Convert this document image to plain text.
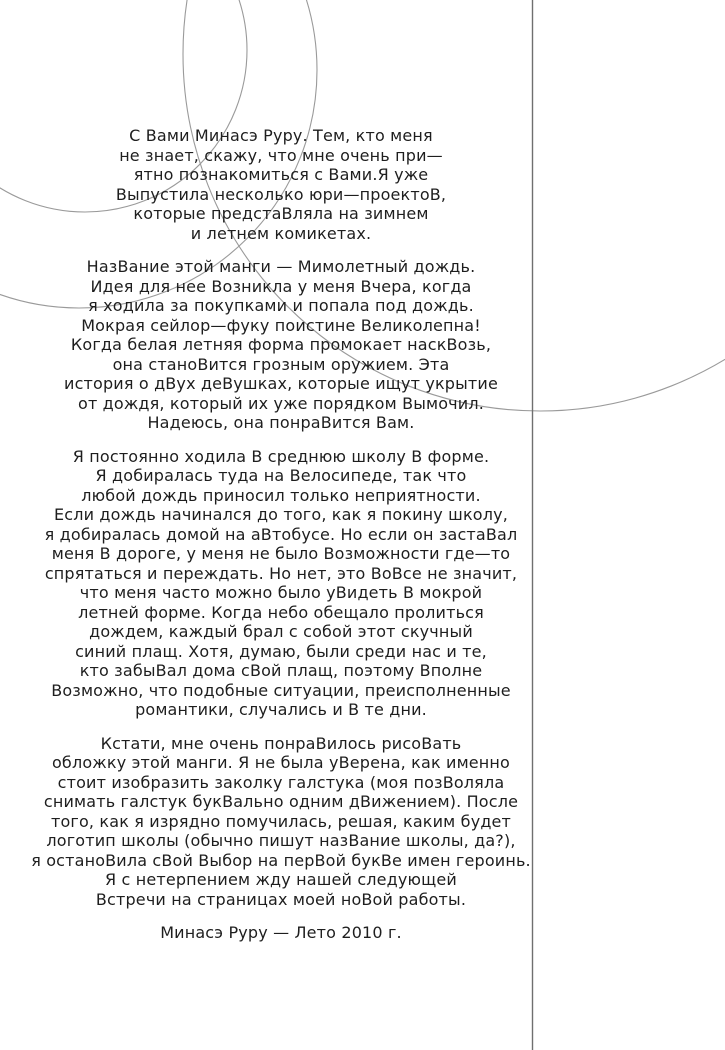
С Вами Минасэ Руру. Тем, кто меня
не знает, скажу, что мне очень при—
ятно познакомиться с Вами.Я уже
Выпустила несколько юри—проектоВ,
которые предстаВляла на зимнем
и летнем комикетах.
НазВание этой манги — Мимолетный дождь.
Идея для нее Возникла у меня Вчера, когда
я ходила за покупками и попала под дождь.
Мокрая сейлор—фуку поистине Великолепна!
Когда белая летняя форма промокает наскВозь,
она станоВится грозным оружием. Эта
история о дВух деВушках, которые ищут укрытие
от дождя, который их уже порядком Вымочил.
Надеюсь, она понраВится Вам.
Я постоянно ходила В среднюю школу В форме.
Я добиралась туда на Велосипеде, так что
любой дождь приносил только неприятности.
Если дождь начинался до того, как я покину школу,
я добиралась домой на аВтобусе. Но если он застаВал
меня В дороге, у меня не было Возможности где—то
спрятаться и переждать. Но нет, это ВоВсе не значит,
что меня часто можно было уВидеть В мокрой
летней форме. Когда небо обещало пролиться
дождем, каждый брал с собой этот скучный
синий плащ. Хотя, думаю, были среди нас и те,
кто забыВал дома сВой плащ, поэтому Вполне
Возможно, что подобные ситуации, преисполненные
романтики, случались и В те дни.
Кстати, мне очень понраВилось рисоВать
обложку этой манги. Я не была уВерена, как именно
стоит изобразить заколку галстука (моя позВоляла
снимать галстук букВально одним дВижением). После
того, как я изрядно помучилась, решая, каким будет
логотип школы (обычно пишут назВание школы, да?),
я останоВила сВой Выбор на перВой букВе имен героинь.
Я с нетерпением жду нашей следующей
Встречи на страницах моей ноВой работы.
Минасэ Руру — Лето 2010 г.
